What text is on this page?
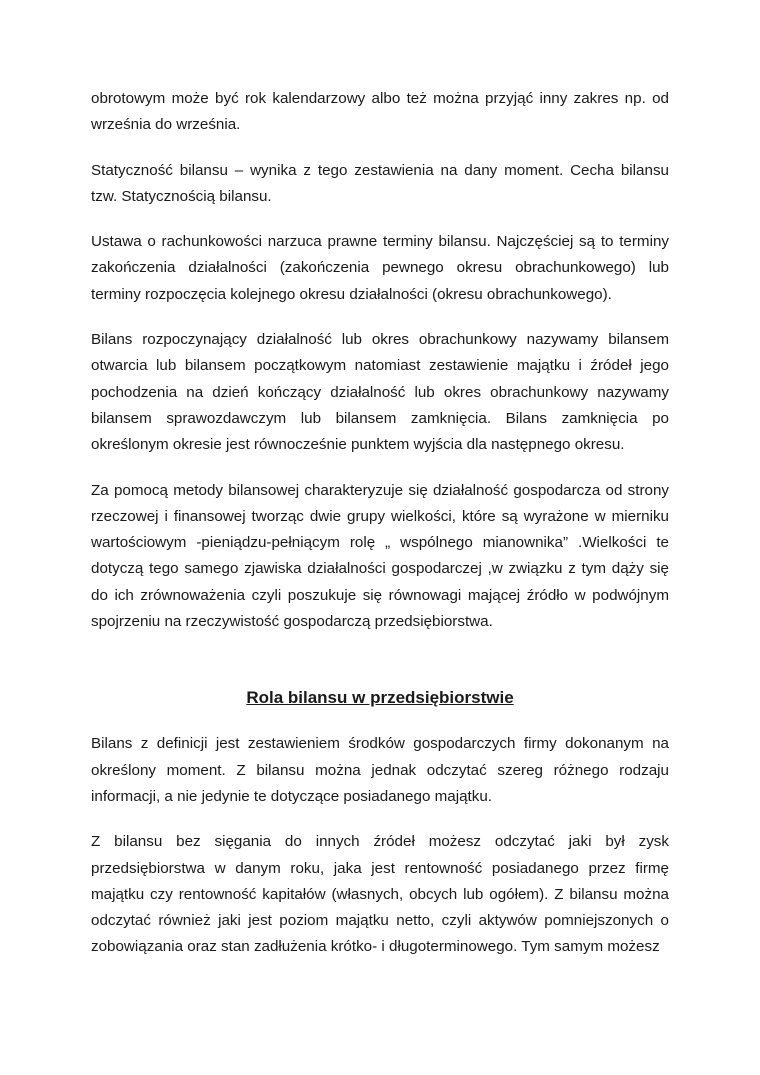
obrotowym może być rok kalendarzowy albo też można przyjąć inny zakres np. od września do września.

Statyczność bilansu – wynika z tego zestawienia na dany moment. Cecha bilansu tzw. Statycznością bilansu.

Ustawa o rachunkowości narzuca prawne terminy bilansu. Najczęściej są to terminy zakończenia działalności (zakończenia pewnego okresu obrachunkowego) lub terminy rozpoczęcia kolejnego okresu działalności (okresu obrachunkowego).

Bilans rozpoczynający działalność lub okres obrachunkowy nazywamy bilansem otwarcia lub bilansem początkowym natomiast zestawienie majątku i źródeł jego pochodzenia na dzień kończący działalność lub okres obrachunkowy nazywamy bilansem sprawozdawczym lub bilansem zamknięcia. Bilans zamknięcia po określonym okresie jest równocześnie punktem wyjścia dla następnego okresu.

Za pomocą metody bilansowej charakteryzuje się działalność gospodarcza od strony rzeczowej i finansowej tworząc dwie grupy wielkości, które są wyrażone w mierniku wartościowym -pieniądzu-pełniącym rolę „ wspólnego mianownika” .Wielkości te dotyczą tego samego zjawiska działalności gospodarczej ,w związku z tym dąży się do ich zrównoważenia czyli poszukuje się równowagi mającej źródło w podwójnym spojrzeniu na rzeczywistość gospodarczą przedsiębiorstwa.

Rola bilansu w przedsiębiorstwie

Bilans z definicji jest zestawieniem środków gospodarczych firmy dokonanym na określony moment. Z bilansu można jednak odczytać szereg różnego rodzaju informacji, a nie jedynie te dotyczące posiadanego majątku.

Z bilansu bez sięgania do innych źródeł możesz odczytać jaki był zysk przedsiębiorstwa w danym roku, jaka jest rentowność posiadanego przez firmę majątku czy rentowność kapitałów (własnych, obcych lub ogółem). Z bilansu można odczytać również jaki jest poziom majątku netto, czyli aktywów pomniejszonych o zobowiązania oraz stan zadłużenia krótko- i długoterminowego. Tym samym możesz
